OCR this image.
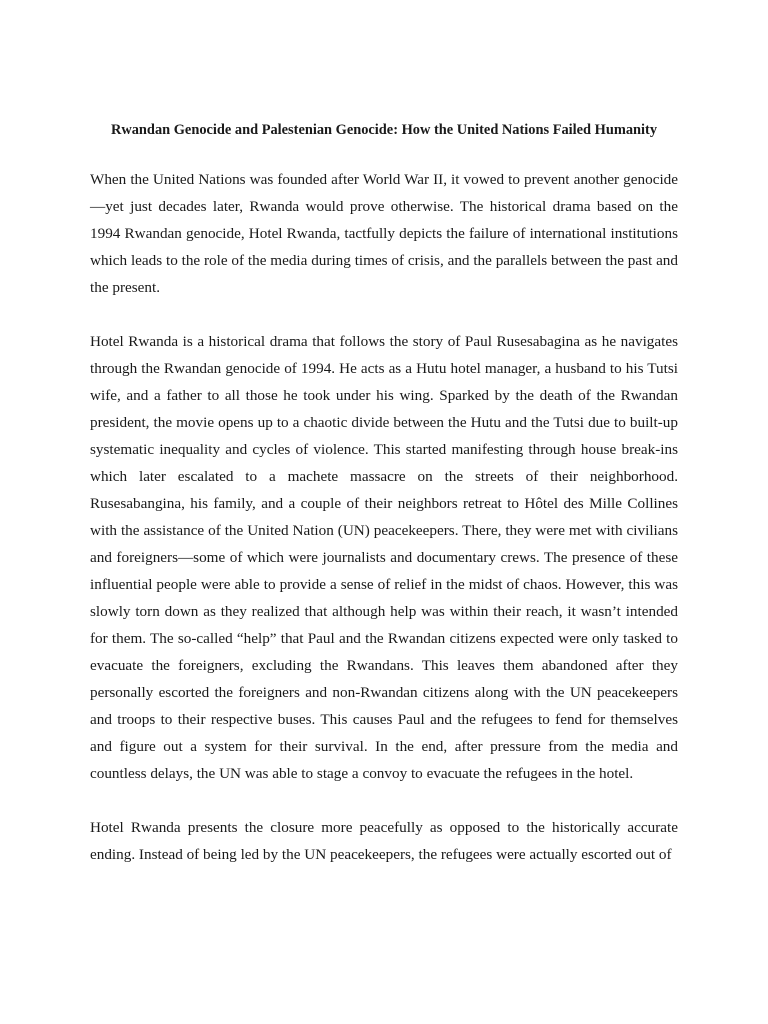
Rwandan Genocide and Palestenian Genocide: How the United Nations Failed Humanity

When the United Nations was founded after World War II, it vowed to prevent another genocide—yet just decades later, Rwanda would prove otherwise. The historical drama based on the 1994 Rwandan genocide, Hotel Rwanda, tactfully depicts the failure of international institutions which leads to the role of the media during times of crisis, and the parallels between the past and the present.

Hotel Rwanda is a historical drama that follows the story of Paul Rusesabagina as he navigates through the Rwandan genocide of 1994. He acts as a Hutu hotel manager, a husband to his Tutsi wife, and a father to all those he took under his wing. Sparked by the death of the Rwandan president, the movie opens up to a chaotic divide between the Hutu and the Tutsi due to built-up systematic inequality and cycles of violence. This started manifesting through house break-ins which later escalated to a machete massacre on the streets of their neighborhood. Rusesabangina, his family, and a couple of their neighbors retreat to Hôtel des Mille Collines with the assistance of the United Nation (UN) peacekeepers. There, they were met with civilians and foreigners—some of which were journalists and documentary crews. The presence of these influential people were able to provide a sense of relief in the midst of chaos. However, this was slowly torn down as they realized that although help was within their reach, it wasn’t intended for them. The so-called “help” that Paul and the Rwandan citizens expected were only tasked to evacuate the foreigners, excluding the Rwandans. This leaves them abandoned after they personally escorted the foreigners and non-Rwandan citizens along with the UN peacekeepers and troops to their respective buses. This causes Paul and the refugees to fend for themselves and figure out a system for their survival. In the end, after pressure from the media and countless delays, the UN was able to stage a convoy to evacuate the refugees in the hotel.

Hotel Rwanda presents the closure more peacefully as opposed to the historically accurate ending. Instead of being led by the UN peacekeepers, the refugees were actually escorted out of
